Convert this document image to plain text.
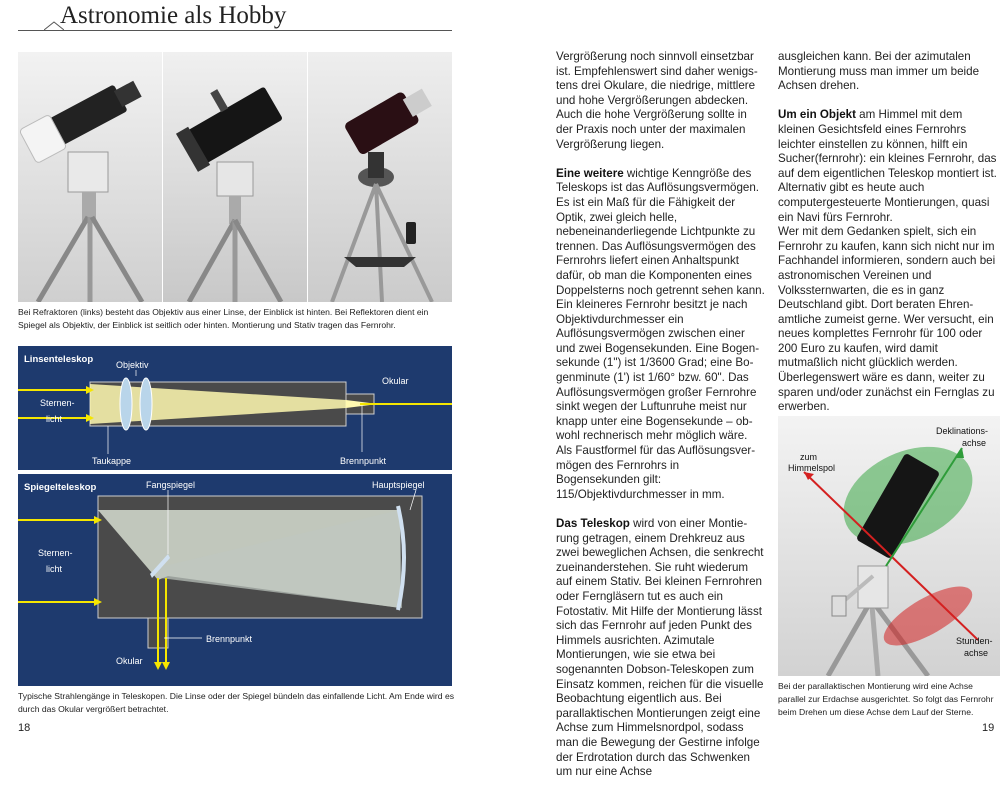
Astronomie als Hobby
Bei Refraktoren (links) besteht das Objektiv aus einer Linse, der Einblick ist hinten. Bei Reflektoren dient ein Spiegel als Objektiv, der Einblick ist seitlich oder hinten. Montierung und Stativ tragen das Fernrohr.
Linsenteleskop	Objektiv
Okular
Sternen-
licht
Taukappe	Brennpunkt
Spiegelteleskop	Fangspiegel	Hauptspiegel
Sternen-
licht
Brennpunkt
Okular
Typische Strahlengänge in Teleskopen. Die Linse oder der Spiegel bündeln das einfallende Licht. Am Ende wird es durch das Okular vergrößert betrachtet.
18

Vergrößerung noch sinnvoll einsetzbar ist. Empfehlenswert sind daher wenigstens drei Okulare, die niedrige, mittlere und hohe Vergrößerungen abdecken. Auch die hohe Vergrößerung sollte in der Praxis noch unter der maximalen Vergrößerung liegen.

Eine weitere wichtige Kenngröße des Teleskops ist das Auflösungsvermögen. Es ist ein Maß für die Fähigkeit der Optik, zwei gleich helle, nebeneinanderliegende Lichtpunkte zu trennen. Das Auflösungsvermögen des Fernrohrs liefert einen Anhaltspunkt dafür, ob man die Komponenten eines Doppelsterns noch getrennt sehen kann. Ein kleineres Fernrohr besitzt je nach Objektivdurchmesser ein Auflösungsvermögen zwischen einer und zwei Bogensekunden. Eine Bogensekunde (1") ist 1/3600 Grad; eine Bogenminute (1') ist 1/60° bzw. 60". Das Auflösungsvermögen großer Fernrohre sinkt wegen der Luftunruhe meist nur knapp unter eine Bogensekunde – obwohl rechnerisch mehr möglich wäre. Als Faustformel für das Auflösungsvermögen des Fernrohrs in Bogensekunden gilt: 115/Objektivdurchmesser in mm.

Das Teleskop wird von einer Montierung getragen, einem Drehkreuz aus zwei beweglichen Achsen, die senkrecht zueinanderstehen. Sie ruht wiederum auf einem Stativ. Bei kleinen Fernrohren oder Ferngläsern tut es auch ein Fotostativ. Mit Hilfe der Montierung lässt sich das Fernrohr auf jeden Punkt des Himmels ausrichten. Azimutale Montierungen, wie sie etwa bei sogenannten Dobson-Teleskopen zum Einsatz kommen, reichen für die visuelle Beobachtung eigentlich aus. Bei parallaktischen Montierungen zeigt eine Achse zum Himmelsnordpol, sodass man die Bewegung der Gestirne infolge der Erdrotation durch das Schwenken um nur eine Achse

ausgleichen kann. Bei der azimutalen Montierung muss man immer um beide Achsen drehen.

Um ein Objekt am Himmel mit dem kleinen Gesichtsfeld eines Fernrohrs leichter einstellen zu können, hilft ein Sucher(fernrohr): ein kleines Fernrohr, das auf dem eigentlichen Teleskop montiert ist. Alternativ gibt es heute auch computergesteuerte Montierungen, quasi ein Navi fürs Fernrohr.

Wer mit dem Gedanken spielt, sich ein Fernrohr zu kaufen, kann sich nicht nur im Fachhandel informieren, sondern auch bei astronomischen Vereinen und Volkssternwarten, die es in ganz Deutschland gibt. Dort beraten Ehrenamtliche zumeist gerne. Wer versucht, ein neues komplettes Fernrohr für 100 oder 200 Euro zu kaufen, wird damit mutmaßlich nicht glücklich werden. Überlegenswert wäre es dann, weiter zu sparen und/oder zunächst ein Fernglas zu erwerben.

Deklinations-
achse
zum
Himmelspol
Stunden-
achse
Bei der parallaktischen Montierung wird eine Achse parallel zur Erdachse ausgerichtet. So folgt das Fernrohr beim Drehen um diese Achse dem Lauf der Sterne.
19
